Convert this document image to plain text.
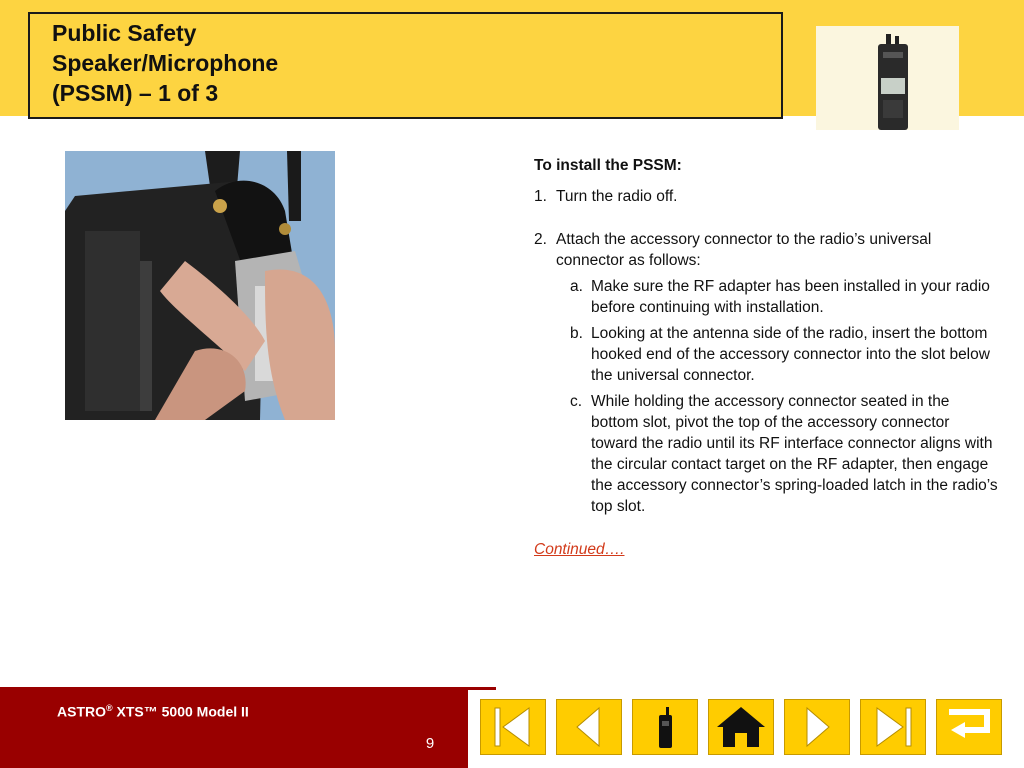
Public Safety
Speaker/Microphone
(PSSM) – 1 of 3

To install the PSSM:

1. Turn the radio off.
2. Attach the accessory connector to the radio’s universal connector as follows:
a. Make sure the RF adapter has been installed in your radio before continuing with installation.
b. Looking at the antenna side of the radio, insert the bottom hooked end of the accessory connector into the slot below the universal connector.
c. While holding the accessory connector seated in the bottom slot, pivot the top of the accessory connector toward the radio until its RF interface connector aligns with the circular contact target on the RF adapter, then engage the accessory connector’s spring-loaded latch in the radio’s top slot.
Continued….
ASTRO® XTS™ 5000 Model II
9
